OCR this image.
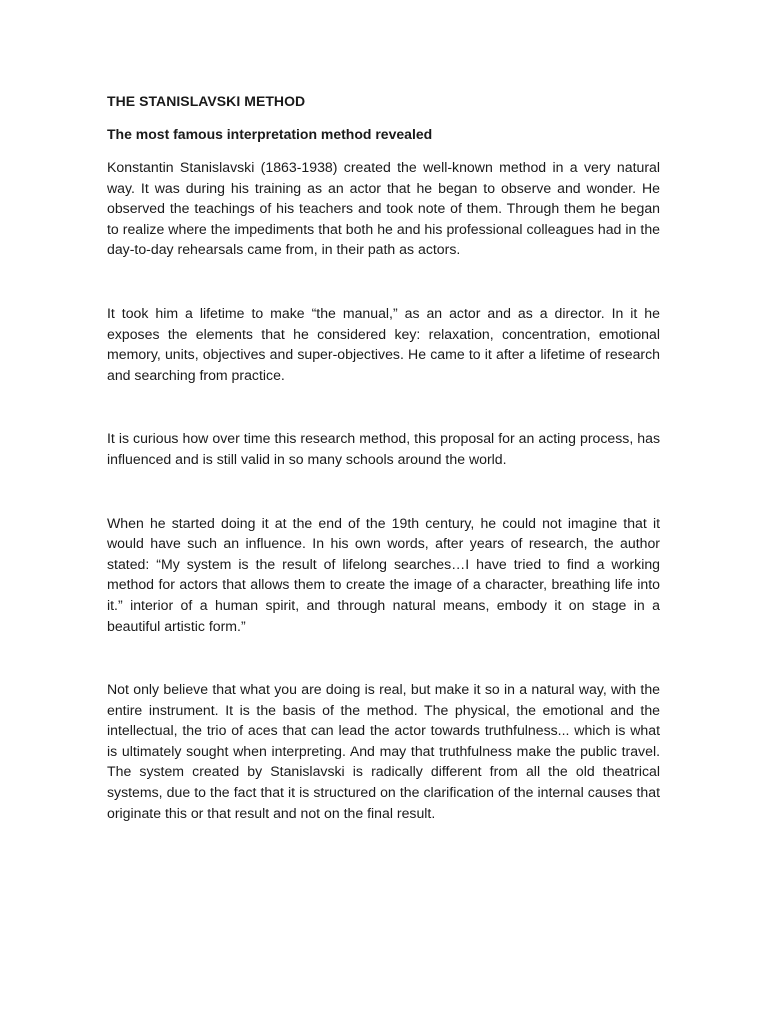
THE STANISLAVSKI METHOD
The most famous interpretation method revealed

Konstantin Stanislavski (1863-1938) created the well-known method in a very natural way. It was during his training as an actor that he began to observe and wonder. He observed the teachings of his teachers and took note of them. Through them he began to realize where the impediments that both he and his professional colleagues had in the day-to-day rehearsals came from, in their path as actors.

It took him a lifetime to make “the manual,” as an actor and as a director. In it he exposes the elements that he considered key: relaxation, concentration, emotional memory, units, objectives and super-objectives. He came to it after a lifetime of research and searching from practice.

It is curious how over time this research method, this proposal for an acting process, has influenced and is still valid in so many schools around the world.

When he started doing it at the end of the 19th century, he could not imagine that it would have such an influence. In his own words, after years of research, the author stated: “My system is the result of lifelong searches…I have tried to find a working method for actors that allows them to create the image of a character, breathing life into it.” interior of a human spirit, and through natural means, embody it on stage in a beautiful artistic form.”

Not only believe that what you are doing is real, but make it so in a natural way, with the entire instrument. It is the basis of the method. The physical, the emotional and the intellectual, the trio of aces that can lead the actor towards truthfulness... which is what is ultimately sought when interpreting. And may that truthfulness make the public travel. The system created by Stanislavski is radically different from all the old theatrical systems, due to the fact that it is structured on the clarification of the internal causes that originate this or that result and not on the final result.
